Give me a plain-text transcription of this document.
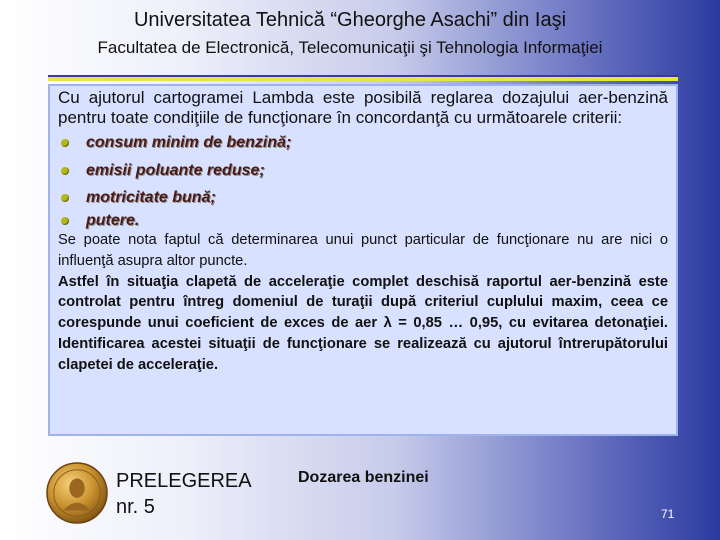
Universitatea Tehnică “Gheorghe Asachi” din Iaşi
Facultatea de Electronică, Telecomunicaţii şi Tehnologia Informaţiei

Cu ajutorul cartogramei Lambda este posibilă reglarea dozajului aer-benzină pentru toate condiţiile de funcţionare în concordanţă cu următoarele criterii:

consum minim de benzină;
emisii poluante reduse;
motricitate bună;
putere.

Se poate nota faptul că determinarea unui punct particular de funcţionare nu are nici o influenţă asupra altor puncte.

Astfel în situaţia clapetă de acceleraţie complet deschisă raportul aer-benzină este controlat pentru întreg domeniul de turaţii după criteriul cuplului maxim, ceea ce corespunde unui coeficient de exces de aer λ = 0,85 … 0,95, cu evitarea detonaţiei. Identificarea acestei situaţii de funcţionare se realizează cu ajutorul întrerupătorului clapetei de acceleraţie.

PRELEGEREA
nr. 5
Dozarea benzinei
71
